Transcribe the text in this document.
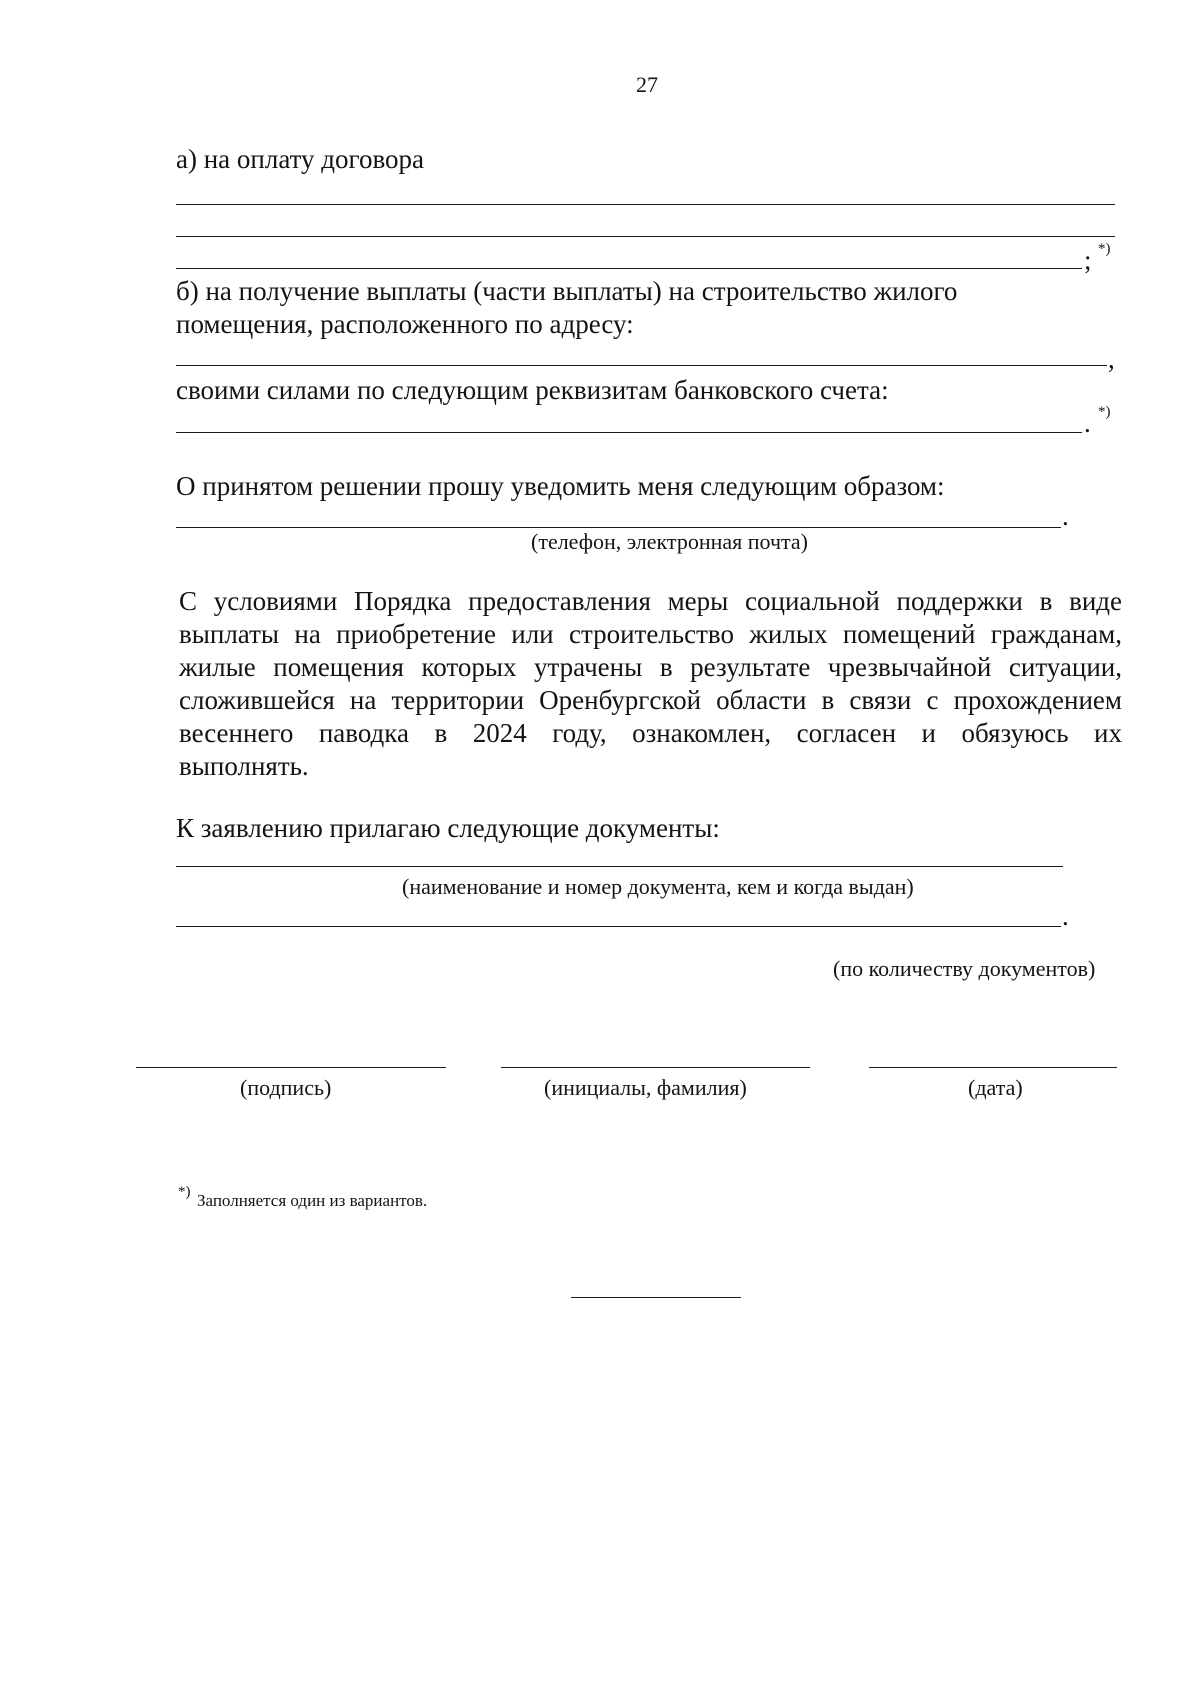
27
а) на оплату договора
; *)
б) на получение выплаты (части выплаты) на строительство жилого
помещения, расположенного по адресу:
,
своими силами по следующим реквизитам банковского счета:
. *)
О принятом решении прошу уведомить меня следующим образом:
.
(телефон, электронная почта)
С условиями Порядка предоставления меры социальной поддержки в виде
выплаты на приобретение или строительство жилых помещений гражданам,
жилые помещения которых утрачены в результате чрезвычайной ситуации,
сложившейся на территории Оренбургской области в связи с прохождением
весеннего паводка в 2024 году, ознакомлен, согласен и обязуюсь их
выполнять.
К заявлению прилагаю следующие документы:
(наименование и номер документа, кем и когда выдан)
.
(по количеству документов)
(подпись)	(инициалы, фамилия)	(дата)
*) Заполняется один из вариантов.
